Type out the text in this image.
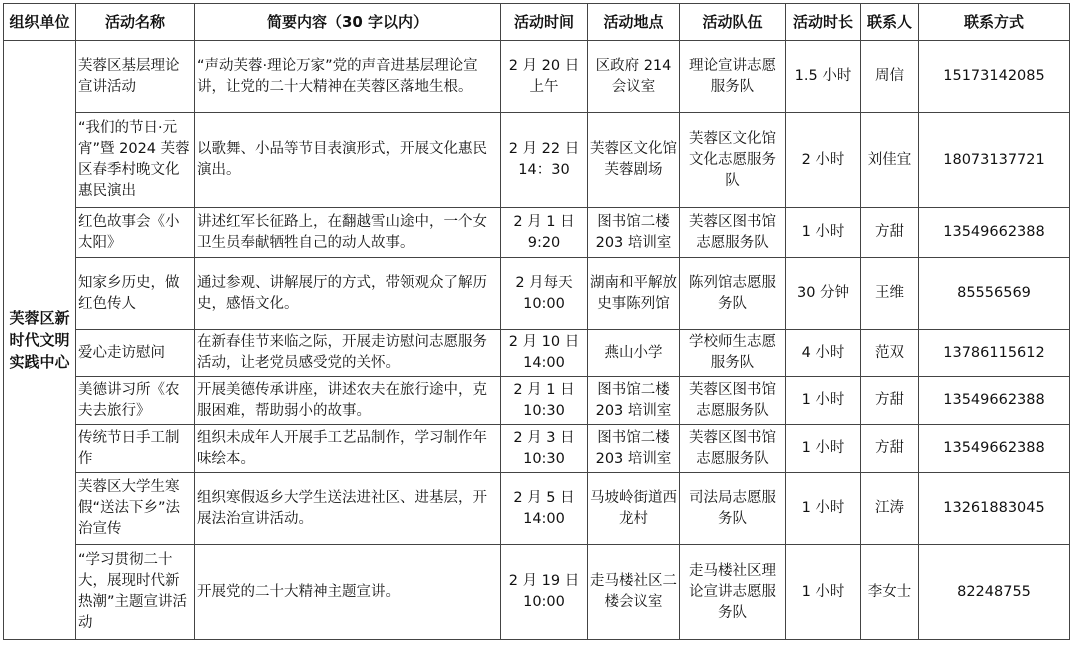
组织单位	活动名称	简要内容（30 字以内）	活动时间	活动地点	活动队伍	活动时长	联系人	联系方式
芙蓉区新时代文明实践中心	芙蓉区基层理论宣讲活动	“声动芙蓉·理论万家”党的声音进基层理论宣讲，让党的二十大精神在芙蓉区落地生根。	2 月 20 日上午	区政府 214 会议室	理论宣讲志愿服务队	1.5 小时	周信	15173142085
	“我们的节日·元宵”暨 2024 芙蓉区春季村晚文化惠民演出	以歌舞、小品等节目表演形式，开展文化惠民演出。	2 月 22 日 14：30	芙蓉区文化馆芙蓉剧场	芙蓉区文化馆文化志愿服务队	2 小时	刘佳宜	18073137721
	红色故事会《小太阳》	讲述红军长征路上，在翻越雪山途中，一个女卫生员奉献牺牲自己的动人故事。	2 月 1 日 9:20	图书馆二楼 203 培训室	芙蓉区图书馆志愿服务队	1 小时	方甜	13549662388
	知家乡历史，做红色传人	通过参观、讲解展厅的方式，带领观众了解历史，感悟文化。	2 月每天 10:00	湖南和平解放史事陈列馆	陈列馆志愿服务队	30 分钟	王维	85556569
	爱心走访慰问	在新春佳节来临之际，开展走访慰问志愿服务活动，让老党员感受党的关怀。	2 月 10 日 14:00	燕山小学	学校师生志愿服务队	4 小时	范双	13786115612
	美德讲习所《农夫去旅行》	开展美德传承讲座，讲述农夫在旅行途中，克服困难，帮助弱小的故事。	2 月 1 日 10:30	图书馆二楼 203 培训室	芙蓉区图书馆志愿服务队	1 小时	方甜	13549662388
	传统节日手工制作	组织未成年人开展手工艺品制作，学习制作年味绘本。	2 月 3 日 10:30	图书馆二楼 203 培训室	芙蓉区图书馆志愿服务队	1 小时	方甜	13549662388
	芙蓉区大学生寒假“送法下乡”法治宣传	组织寒假返乡大学生送法进社区、进基层，开展法治宣讲活动。	2 月 5 日 14:00	马坡岭街道西龙村	司法局志愿服务队	1 小时	江涛	13261883045
	“学习贯彻二十大，展现时代新热潮”主题宣讲活动	开展党的二十大精神主题宣讲。	2 月 19 日 10:00	走马楼社区二楼会议室	走马楼社区理论宣讲志愿服务队	1 小时	李女士	82248755
